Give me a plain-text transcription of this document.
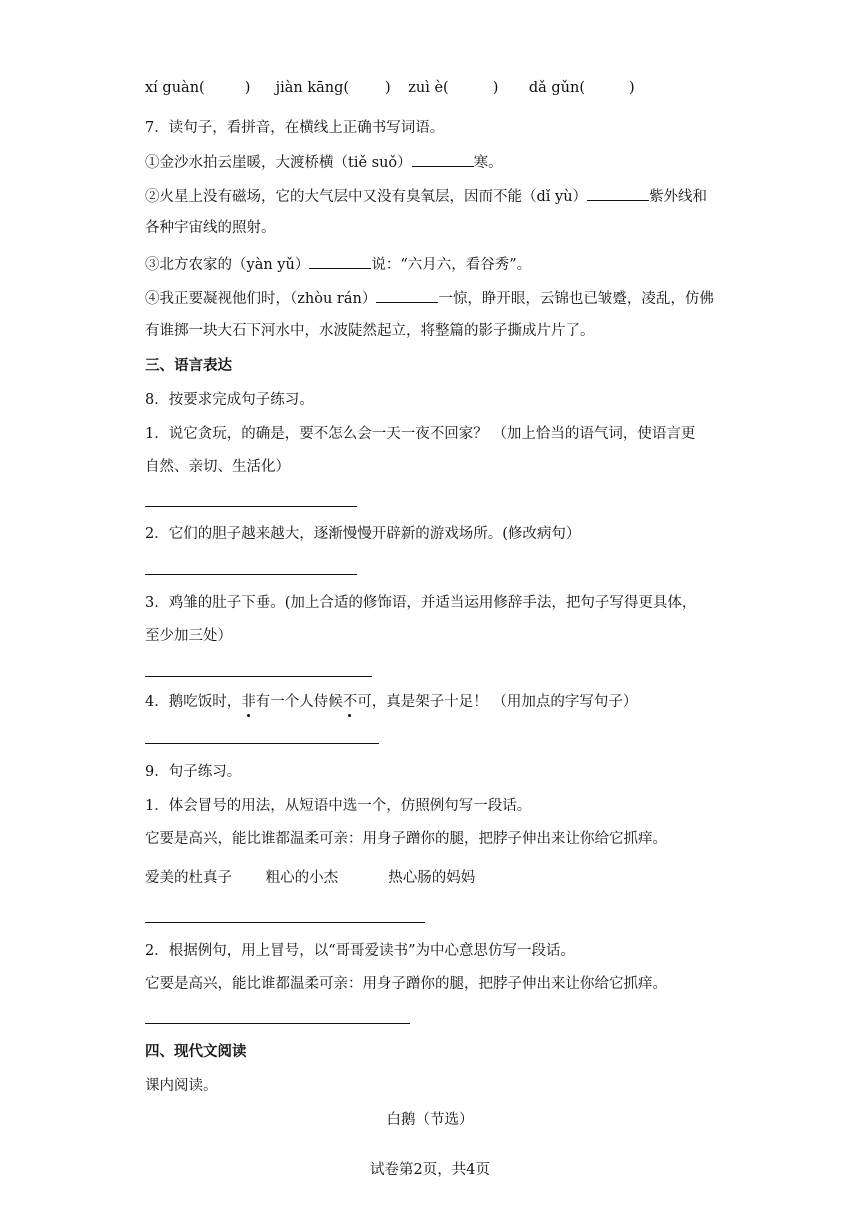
xí guàn(	) jiàn kāng( ) zuì è(	) dǎ gǔn(	)
7．读句子，看拼音，在横线上正确书写词语。
①金沙水拍云崖暖，大渡桥横（tiě suǒ）	寒。
②火星上没有磁场，它的大气层中又没有臭氧层，因而不能（dǐ yù）	紫外线和
各种宇宙线的照射。
③北方农家的（yàn yǔ）	说：“六月六，看谷秀”。
④我正要凝视他们时，（zhòu rán）	一惊，睁开眼，云锦也已皱蹙，凌乱，仿佛
有谁掷一块大石下河水中，水波陡然起立，将整篇的影子撕成片片了。
三、语言表达
8．按要求完成句子练习。
1．说它贪玩，的确是，要不怎么会一天一夜不回家？ （加上恰当的语气词，使语言更
自然、亲切、生活化）
2．它们的胆子越来越大，逐渐慢慢开辟新的游戏场所。(修改病句）
3．鸡雏的肚子下垂。(加上合适的修饰语，并适当运用修辞手法，把句子写得更具体，
至少加三处）
4．鹅吃饭时，非有一个人侍候不可，真是架子十足！ （用加点的字写句子）
9．句子练习。
1．体会冒号的用法，从短语中选一个，仿照例句写一段话。
它要是高兴，能比谁都温柔可亲：用身子蹭你的腿，把脖子伸出来让你给它抓痒。
爱美的杜真子 粗心的小杰	热心肠的妈妈
2．根据例句，用上冒号，以“哥哥爱读书”为中心意思仿写一段话。
它要是高兴，能比谁都温柔可亲：用身子蹭你的腿，把脖子伸出来让你给它抓痒。
四、现代文阅读
课内阅读。
白鹅（节选）
试卷第2页，共4页
